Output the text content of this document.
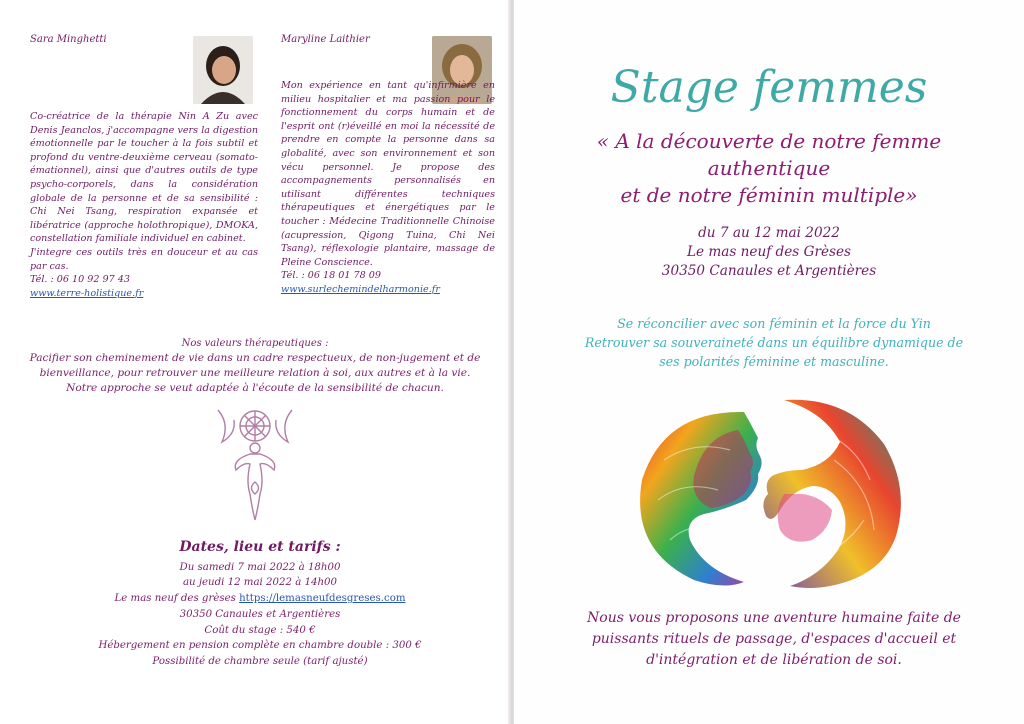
Sara Minghetti

Co-créatrice de la thérapie Nin A Zu avec Denis Jeanclos, j'accompagne vers la digestion émotionnelle par le toucher à la fois subtil et profond du ventre-deuxième cerveau (somato-émationnel), ainsi que d'autres outils de type psycho-corporels, dans la considération globale de la personne et de sa sensibilité : Chi Nei Tsang, respiration expansée et libératrice (approche holothropique), DMOKA, constellation familiale individuel en cabinet.

J'integre ces outils très en douceur et au cas par cas.

Tél. : 06 10 92 97 43

www.terre-holistique.fr

Maryline Laithier

Mon expérience en tant qu'infirmière en milieu hospitalier et ma passion pour le fonctionnement du corps humain et de l'esprit ont (r)éveillé en moi la nécessité de prendre en compte la personne dans sa globalité, avec son environnement et son vécu personnel. Je propose des accompagnements personnalisés en utilisant différentes techniques thérapeutiques et énergétiques par le toucher : Médecine Traditionnelle Chinoise (acupression, Qigong Tuina, Chi Nei Tsang), réflexologie plantaire, massage de Pleine Conscience.

Tél. : 06 18 01 78 09

www.surlechemindelharmonie.fr

Nos valeurs thérapeutiques :
Pacifier son cheminement de vie dans un cadre respectueux, de non-jugement et de
bienveillance, pour retrouver une meilleure relation à soi, aux autres et à la vie.
Notre approche se veut adaptée à l'écoute de la sensibilité de chacun.
Dates, lieu et tarifs :
Du samedi 7 mai 2022 à 18h00
au jeudi 12 mai 2022 à 14h00
Le mas neuf des grèses https://lemasneufdesgreses.com
30350 Canaules et Argentières
Coût du stage : 540 €
Hébergement en pension complète en chambre double : 300 €
Possibilité de chambre seule (tarif ajusté)
Stage femmes
« A la découverte de notre femme
authentique
et de notre féminin multiple»
du 7 au 12 mai 2022
Le mas neuf des Grèses
30350 Canaules et Argentières
Se réconcilier avec son féminin et la force du Yin
Retrouver sa souveraineté dans un équilibre dynamique de
ses polarités féminine et masculine.
Nous vous proposons une aventure humaine faite de
puissants rituels de passage, d'espaces d'accueil et
d'intégration et de libération de soi.
